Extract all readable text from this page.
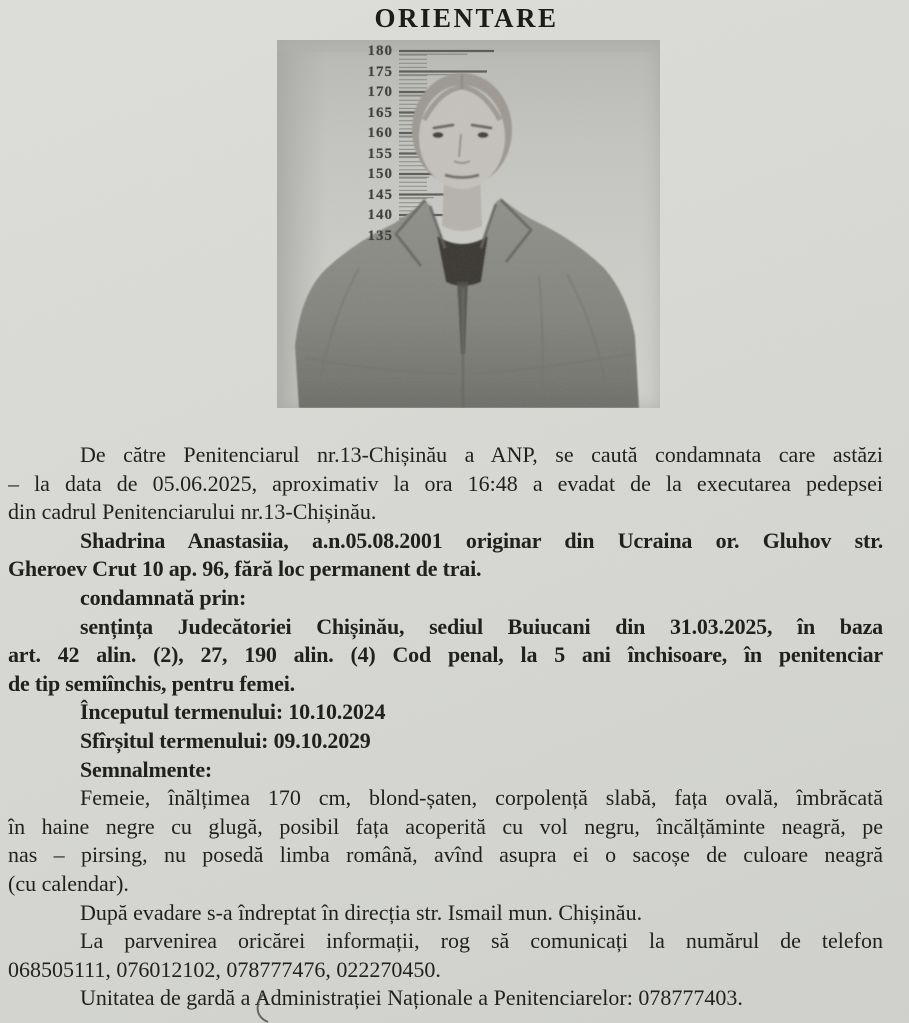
ORIENTARE
180
175
170
165
160
155
150
145
140
135
De către Penitenciarul nr.13-Chișinău a ANP, se caută condamnata care astăzi
– la data de 05.06.2025, aproximativ la ora 16:48 a evadat de la executarea pedepsei
din cadrul Penitenciarului nr.13-Chișinău.
Shadrina Anastasiia, a.n.05.08.2001 originar din Ucraina or. Gluhov str.
Gheroev Crut 10 ap. 96, fără loc permanent de trai.
condamnată prin:
sențința Judecătoriei Chișinău, sediul Buiucani din 31.03.2025, în baza
art. 42 alin. (2), 27, 190 alin. (4) Cod penal, la 5 ani închisoare, în penitenciar
de tip semiînchis, pentru femei.
Începutul termenului: 10.10.2024
Sfîrșitul termenului: 09.10.2029
Semnalmente:
Femeie, înălțimea 170 cm, blond-șaten, corpolență slabă, fața ovală, îmbrăcată
în haine negre cu glugă, posibil fața acoperită cu vol negru, încălțăminte neagră, pe
nas – pirsing, nu posedă limba română, avînd asupra ei o sacoșe de culoare neagră
(cu calendar).
După evadare s-a îndreptat în direcția str. Ismail mun. Chișinău.
La parvenirea oricărei informații, rog să comunicați la numărul de telefon
068505111, 076012102, 078777476, 022270450.
Unitatea de gardă a Administrației Naționale a Penitenciarelor: 078777403.
